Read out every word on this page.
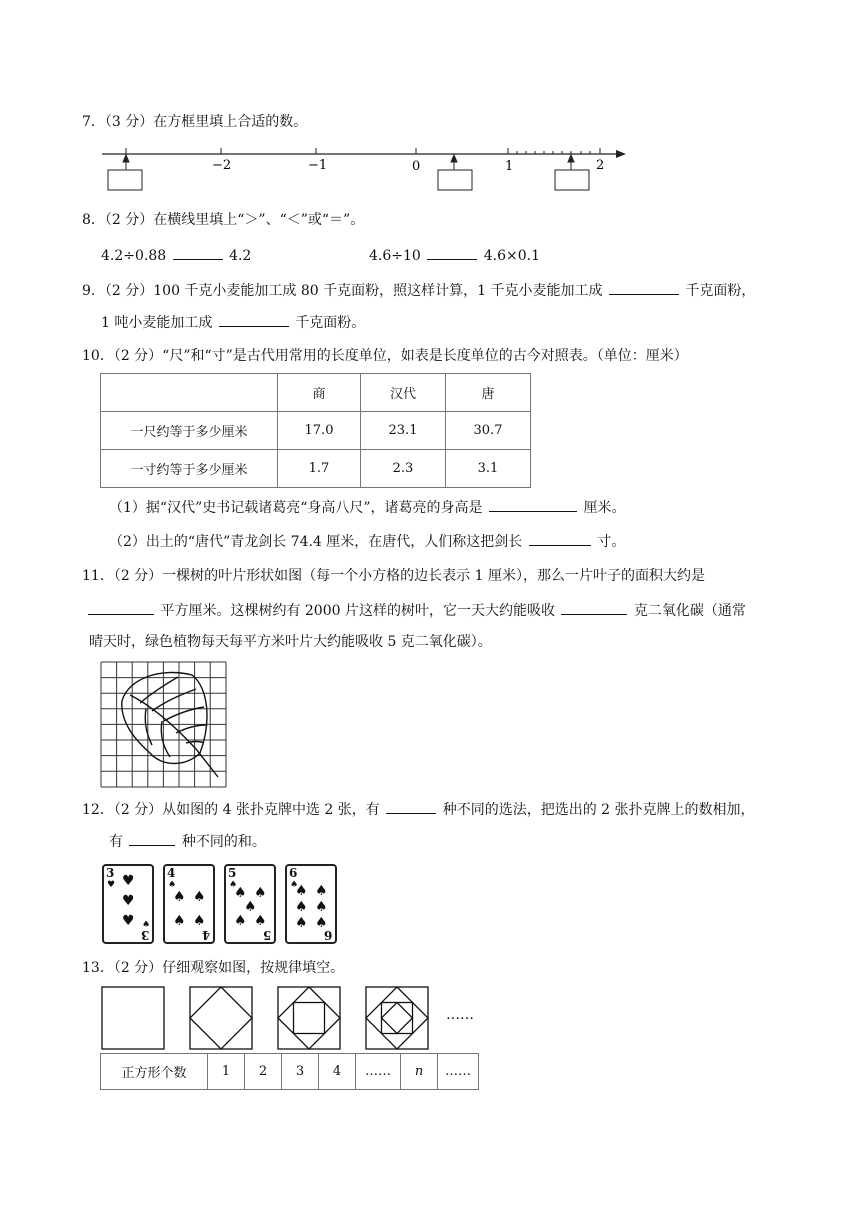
7．（3 分）在方框里填上合适的数。
−2	−1	0	1	2
8．（2 分）在横线里填上“＞”、“＜”或“＝”。
4.2÷0.88	4.2	4.6÷10	4.6×0.1
9．（2 分）100 千克小麦能加工成 80 千克面粉，照这样计算，1 千克小麦能加工成	千克面粉，
1 吨小麦能加工成	千克面粉。
10．（2 分）“尺”和“寸”是古代用常用的长度单位，如表是长度单位的古今对照表。（单位：厘米）
	商	汉代	唐
一尺约等于多少厘米	17.0	23.1	30.7
一寸约等于多少厘米	1.7	2.3	3.1
（1）据“汉代”史书记载诸葛亮“身高八尺”，诸葛亮的身高是	厘米。
（2）出土的“唐代”青龙剑长 74.4 厘米，在唐代，人们称这把剑长	寸。
11．（2 分）一棵树的叶片形状如图（每一个小方格的边长表示 1 厘米），那么一片叶子的面积大约是
平方厘米。这棵树约有 2000 片这样的树叶，它一天大约能吸收	克二氧化碳（通常
晴天时，绿色植物每天每平方米叶片大约能吸收 5 克二氧化碳）。
12．（2 分）从如图的 4 张扑克牌中选 2 张，有	种不同的选法，把选出的 2 张扑克牌上的数相加，
有	种不同的和。
3
♥ ♥
♥
♥ ♠
3
4
♠
♠ ♠
♠ ♠
4
5
♠
♠ ♠
♠
♠ ♠
5
6
♠
♠ ♠
♠ ♠
♠ ♠
6
13．（2 分）仔细观察如图，按规律填空。
……
正方形个数	1	2	3	4	……	n	……
